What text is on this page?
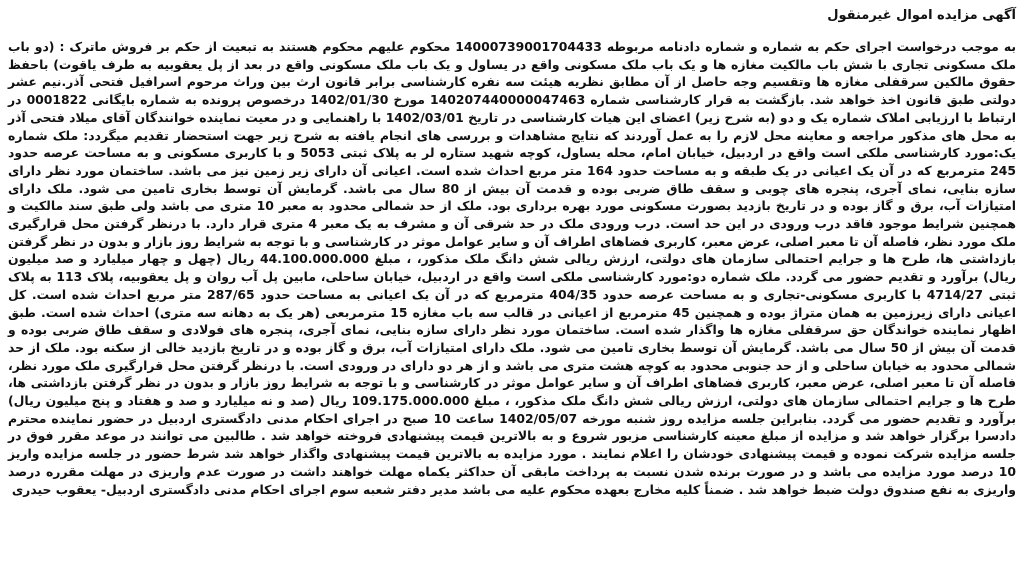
آگهی مزایده اموال غیرمنقول

به موجب درخواست اجرای حکم به شماره و شماره دادنامه مربوطه 14000739001704433 محکوم علیهم محکوم هستند به تبعیت از حکم بر فروش ماترک : (دو باب ملک مسکونی تجاری با شش باب مالکیت مغازه ها و یک باب ملک مسکونی واقع در یساول و یک باب ملک مسکونی واقع در بعد از پل یعقوبیه به طرف یاقوت) باحفظ حقوق مالکین سرقفلی مغازه ها وتقسیم وجه حاصل از آن مطابق نظریه هیئت سه نفره کارشناسی برابر قانون ارث بین وراث مرحوم اسرافیل فتحی آذر.نیم عشر دولتی طبق قانون اخذ خواهد شد. بازگشت به قرار کارشناسی شماره 140207440000047463 مورخ 1402/01/30 درخصوص پرونده به شماره بایگانی 0001822 در ارتباط با ارزیابی املاک شماره یک و دو (به شرح زیر) اعضای این هیات کارشناسی در تاریخ 1402/03/01 با راهنمایی و در معیت نماینده خوانندگان آقای میلاد فتحی آذر به محل های مذکور مراجعه و معاینه محل لازم را به عمل آوردند که نتایج مشاهدات و بررسی های انجام یافته به شرح زیر جهت استحضار تقدیم میگردد: ملک شماره یک:مورد کارشناسی ملکی است واقع در اردبیل، خیابان امام، محله یساول، کوچه شهید ستاره لر به پلاک ثبتی 5053 و با کاربری مسکونی و به مساحت عرصه حدود 245 مترمربع که در آن یک اعیانی در یک طبقه و به مساحت حدود 164 متر مربع احداث شده است. اعیانی آن دارای زیر زمین نیز می باشد. ساختمان مورد نظر دارای سازه بنایی، نمای آجری، پنجره های چوبی و سقف طاق ضربی بوده و قدمت آن بیش از 80 سال می باشد. گرمایش آن توسط بخاری تامین می شود. ملک دارای امتیازات آب، برق و گاز بوده و در تاریخ بازدید بصورت مسکونی مورد بهره برداری بود. ملک از حد شمالی محدود به معبر 10 متری می باشد ولی طبق سند مالکیت و همچنین شرایط موجود فاقد درب ورودی در این حد است. درب ورودی ملک در حد شرقی آن و مشرف به یک معبر 4 متری قرار دارد. با درنظر گرفتن محل قرارگیری ملک مورد نظر، فاصله آن تا معبر اصلی، عرض معبر، کاربری فضاهای اطراف آن و سایر عوامل موثر در کارشناسی و با توجه به شرایط روز بازار و بدون در نظر گرفتن بازداشتی ها، طرح ها و جرایم احتمالی سازمان های دولتی، ارزش ریالی شش دانگ ملک مذکور، ، مبلغ 44.100.000.000 ریال (چهل و چهار میلیارد و صد میلیون ریال) برآورد و تقدیم حضور می گردد. ملک شماره دو:مورد کارشناسی ملکی است واقع در اردبیل، خیابان ساحلی، مابین پل آب روان و پل یعقوبیه، پلاک 113 به پلاک ثبتی 4714/27 با کاربری مسکونی-تجاری و به مساحت عرصه حدود 404/35 مترمربع که در آن یک اعیانی به مساحت حدود 287/65 متر مربع احداث شده است. کل اعیانی دارای زیرزمین به همان متراژ بوده و همچنین 45 مترمربع از اعیانی در قالب سه باب مغازه 15 مترمربعی (هر یک به دهانه سه متری) احداث شده است. طبق اظهار نماینده خواندگان حق سرقفلی مغازه ها واگذار شده است. ساختمان مورد نظر دارای سازه بنایی، نمای آجری، پنجره های فولادی و سقف طاق ضربی بوده و قدمت آن بیش از 50 سال می باشد. گرمایش آن توسط بخاری تامین می شود. ملک دارای امتیازات آب، برق و گاز بوده و در تاریخ بازدید خالی از سکنه بود. ملک از حد شمالی محدود به خیابان ساحلی و از حد جنوبی محدود به کوچه هشت متری می باشد و از هر دو دارای در ورودی است. با درنظر گرفتن محل قرارگیری ملک مورد نظر، فاصله آن تا معبر اصلی، عرض معبر، کاربری فضاهای اطراف آن و سایر عوامل موثر در کارشناسی و با توجه به شرایط روز بازار و بدون در نظر گرفتن بازداشتی ها، طرح ها و جرایم احتمالی سازمان های دولتی، ارزش ریالی شش دانگ ملک مذکور، ، مبلغ 109.175.000.000 ریال (صد و نه میلیارد و صد و هفتاد و پنج میلیون ریال) برآورد و تقدیم حضور می گردد. بنابراین جلسه مزایده روز شنبه مورخه 1402/05/07 ساعت 10 صبح در اجرای احکام مدنی دادگستری اردبیل در حضور نماینده محترم دادسرا برگزار خواهد شد و مزایده از مبلغ معینه کارشناسی مزبور شروع و به بالاترین قیمت پیشنهادی فروخته خواهد شد . طالبین می توانند در موعد مقرر فوق در جلسه مزایده شرکت نموده و قیمت پیشنهادی خودشان را اعلام نمایند . مورد مزایده به بالاترین قیمت پیشنهادی واگذار خواهد شد شرط حضور در جلسه مزایده واریز 10 درصد مورد مزایده می باشد و در صورت برنده شدن نسبت به پرداخت مابقی آن حداکثر یکماه مهلت خواهند داشت در صورت عدم واریزی در مهلت مقرره درصد واریزی به نفع صندوق دولت ضبط خواهد شد . ضمناً کلیه مخارج بعهده محکوم علیه می باشد مدیر دفتر شعبه سوم اجرای احکام مدنی دادگستری اردبیل- یعقوب حیدری
